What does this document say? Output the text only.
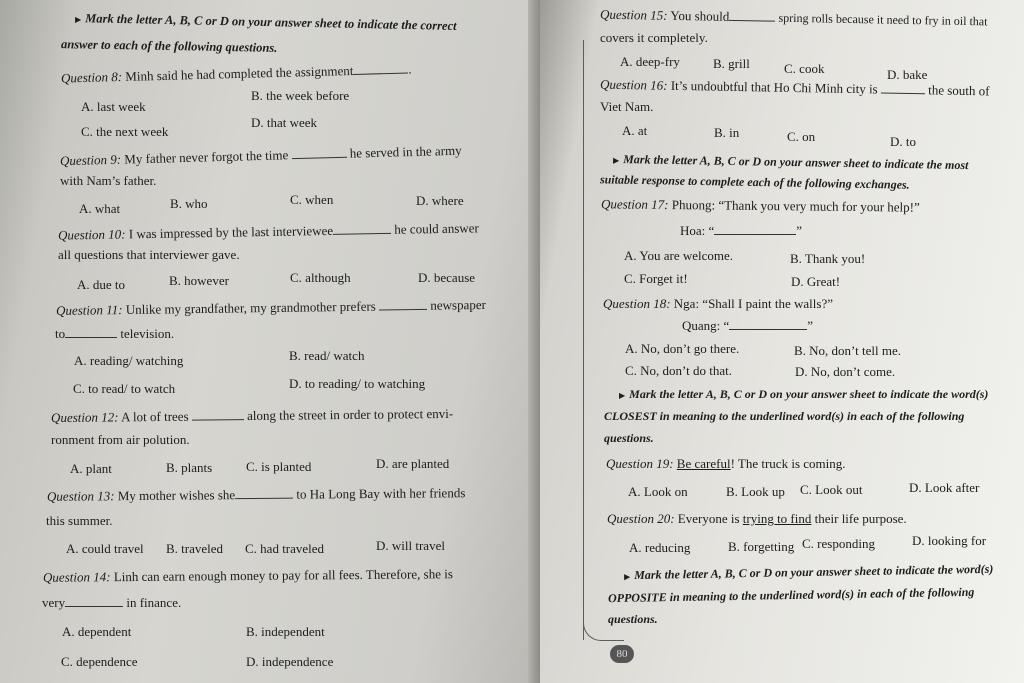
▶ Mark the letter A, B, C or D on your answer sheet to indicate the correct
answer to each of the following questions.
Question 8: Minh said he had completed the assignment	.
A. last week
B. the week before
C. the next week
D. that week
Question 9: My father never forgot the time	he served in the army
with Nam’s father.
A. what	B. who	C. when	D. where
Question 10: I was impressed by the last interviewee	he could answer
all questions that interviewer gave.
A. due to	B. however	C. although	D. because
Question 11: Unlike my grandfather, my grandmother prefers	newspaper
to	television.
A. reading/ watching	B. read/ watch
C. to read/ to watch	D. to reading/ to watching
Question 12: A lot of trees	along the street in order to protect envi-
ronment from air polution.
A. plant	B. plants	C. is planted	D. are planted
Question 13: My mother wishes she	to Ha Long Bay with her friends
this summer.
A. could travel B. traveled C. had traveled	D. will travel
Question 14: Linh can earn enough money to pay for all fees. Therefore, she is
very	in finance.
A. dependent	B. independent
C. dependence	D. independence
Question 15: You should	spring rolls because it need to fry in oil that
covers it completely.
A. deep-fry	B. grill	C. cook	D. bake
Question 16: It’s undoubtful that Ho Chi Minh city is	the south of
Viet Nam.
A. at	B. in	C. on	D. to
▶ Mark the letter A, B, C or D on your answer sheet to indicate the most
suitable response to complete each of the following exchanges.
Question 17: Phuong: “Thank you very much for your help!”
Hoa: “	”
A. You are welcome.	B. Thank you!
C. Forget it!	D. Great!
Question 18: Nga: “Shall I paint the walls?”
Quang: “	”
A. No, don’t go there.	B. No, don’t tell me.
C. No, don’t do that.	D. No, don’t come.
▶ Mark the letter A, B, C or D on your answer sheet to indicate the word(s)
CLOSEST in meaning to the underlined word(s) in each of the following
questions.
Question 19: Be careful! The truck is coming.
A. Look on	B. Look up C. Look out	D. Look after
Question 20: Everyone is trying to find their life purpose.
A. reducing	B. forgetting C. responding	D. looking for
▶ Mark the letter A, B, C or D on your answer sheet to indicate the word(s)
OPPOSITE in meaning to the underlined word(s) in each of the following
questions.
80
